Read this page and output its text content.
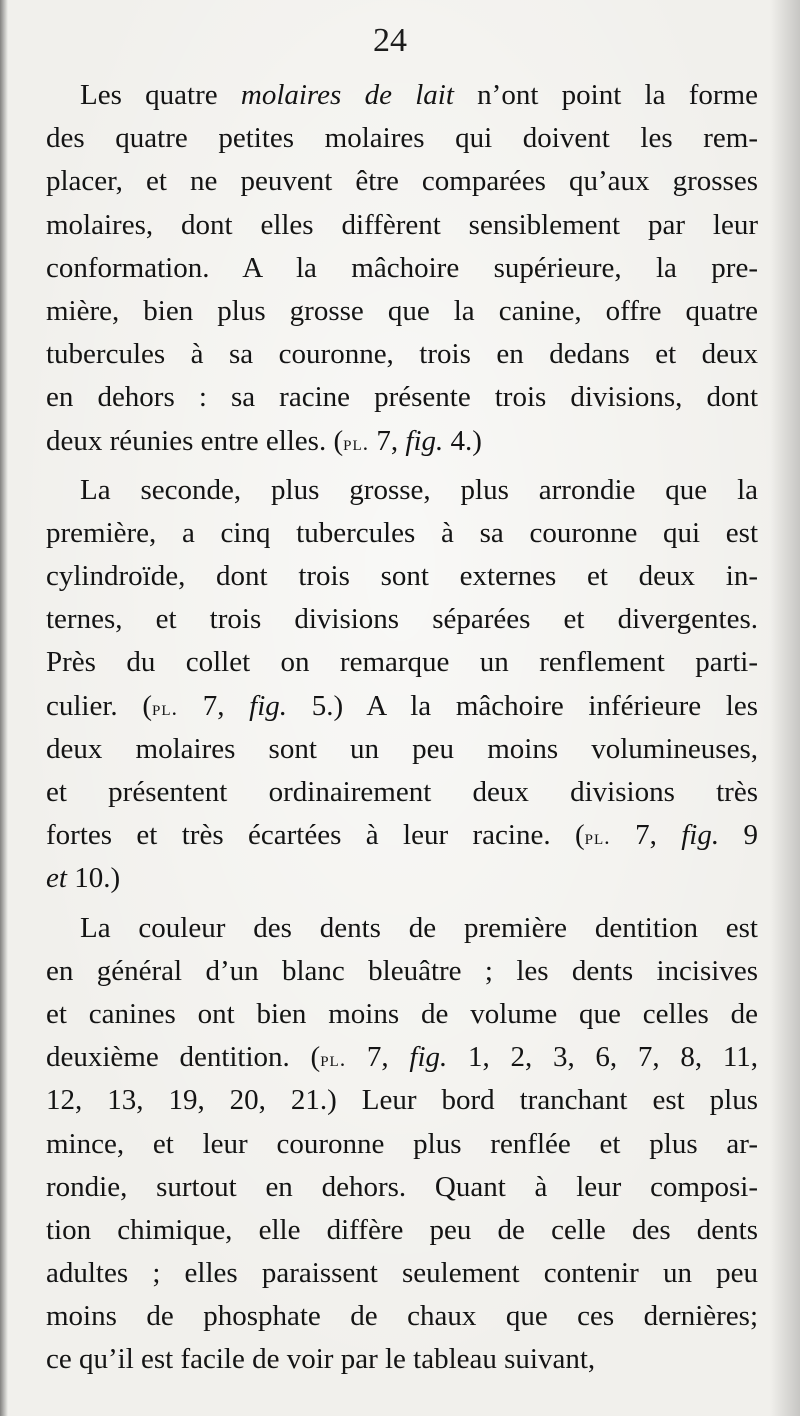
24
Les quatre molaires de lait n’ont point la forme
des quatre petites molaires qui doivent les rem-
placer, et ne peuvent être comparées qu’aux grosses
molaires, dont elles diffèrent sensiblement par leur
conformation. A la mâchoire supérieure, la pre-
mière, bien plus grosse que la canine, offre quatre
tubercules à sa couronne, trois en dedans et deux
en dehors : sa racine présente trois divisions, dont
deux réunies entre elles. (pl. 7, fig. 4.)
La seconde, plus grosse, plus arrondie que la
première, a cinq tubercules à sa couronne qui est
cylindroïde, dont trois sont externes et deux in-
ternes, et trois divisions séparées et divergentes.
Près du collet on remarque un renflement parti-
culier. (pl. 7, fig. 5.) A la mâchoire inférieure les
deux molaires sont un peu moins volumineuses,
et présentent ordinairement deux divisions très
fortes et très écartées à leur racine. (pl. 7, fig. 9
et 10.)
La couleur des dents de première dentition est
en général d’un blanc bleuâtre ; les dents incisives
et canines ont bien moins de volume que celles de
deuxième dentition. (pl. 7, fig. 1, 2, 3, 6, 7, 8, 11,
12, 13, 19, 20, 21.) Leur bord tranchant est plus
mince, et leur couronne plus renflée et plus ar-
rondie, surtout en dehors. Quant à leur composi-
tion chimique, elle diffère peu de celle des dents
adultes ; elles paraissent seulement contenir un peu
moins de phosphate de chaux que ces dernières;
ce qu’il est facile de voir par le tableau suivant,
